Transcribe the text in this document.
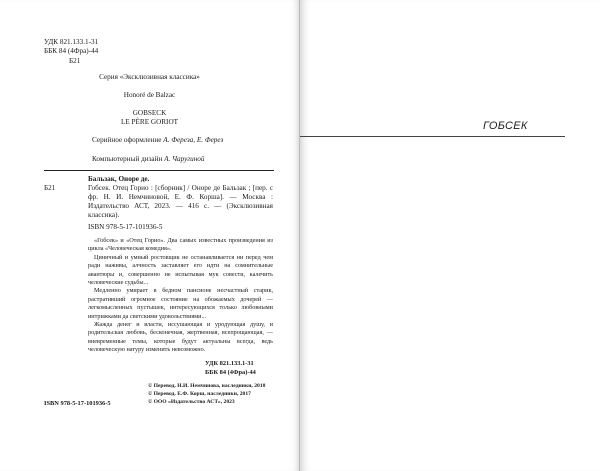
УДК 821.133.1-31
ББК 84 (4Фра)-44
Б21
Серия «Эксклюзивная классика»
Honoré de Balzac
GOBSECK
LE PÈRE GORIOT
Серийное оформление А. Фереза, Е. Ферез
Компьютерный дизайн А. Чаругиной
Бальзак, Оноре де.
Б21	Гобсек. Отец Горио : [сборник] / Оноре де Бальзак ; [пер. с фр. Н. И. Немчиновой, Е. Ф. Корша]. — Москва : Издательство АСТ, 2023. — 416 с. — (Эксклюзивная классика).
ISBN 978-5-17-101936-5
«Гобсек» и «Отец Горио». Два самых известных произведения из цикла «Человеческая комедия».
Циничный и умный ростовщик не останавливается ни перед чем ради наживы, алчность заставляет его идти на сомнительные авантюры и, совершенно не испытывая мук совести, калечить человеческие судьбы...
Медленно умирает в бедном пансионе несчастный старик, растративший огромное состояние на обожаемых дочерей — легкомысленных пустышек, интересующихся только любовными интрижками да светскими удовольствиями...
Жажда денег и власти, иссушающая и уродующая душу, и родительская любовь, бесконечная, жертвенная, всепрощающая, — вневременные темы, которые будут актуальны всегда, ведь человеческую натуру изменить невозможно.
УДК 821.133.1-31
ББК 84 (4Фра)-44
© Перевод. Н.И. Немчинова, наследники, 2018
© Перевод. Е.Ф. Корш, наследники, 2017
© ООО «Издательство АСТ», 2023
ISBN 978-5-17-101936-5
ГОБСЕК
